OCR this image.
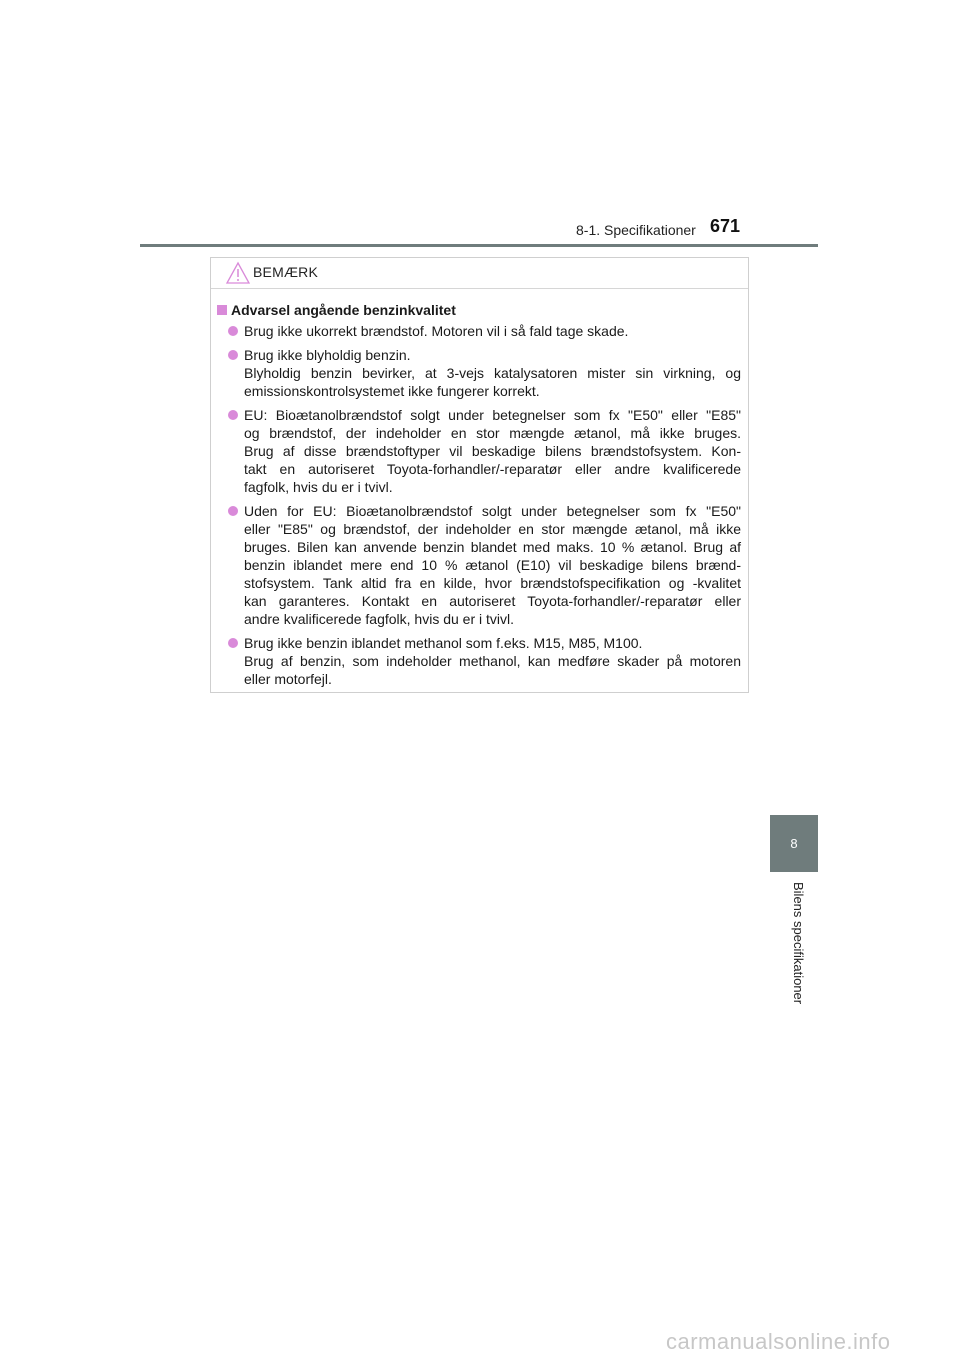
8-1. Specifikationer 671
BEMÆRK
Advarsel angående benzinkvalitet
Brug ikke ukorrekt brændstof. Motoren vil i så fald tage skade.
Brug ikke blyholdig benzin.
Blyholdig benzin bevirker, at 3-vejs katalysatoren mister sin virkning, og
emissionskontrolsystemet ikke fungerer korrekt.
EU: Bioætanolbrændstof solgt under betegnelser som fx "E50" eller "E85"
og brændstof, der indeholder en stor mængde ætanol, må ikke bruges.
Brug af disse brændstoftyper vil beskadige bilens brændstofsystem. Kon-
takt en autoriseret Toyota-forhandler/-reparatør eller andre kvalificerede
fagfolk, hvis du er i tvivl.
Uden for EU: Bioætanolbrændstof solgt under betegnelser som fx "E50"
eller "E85" og brændstof, der indeholder en stor mængde ætanol, må ikke
bruges. Bilen kan anvende benzin blandet med maks. 10 % ætanol. Brug af
benzin iblandet mere end 10 % ætanol (E10) vil beskadige bilens brænd-
stofsystem. Tank altid fra en kilde, hvor brændstofspecifikation og -kvalitet
kan garanteres. Kontakt en autoriseret Toyota-forhandler/-reparatør eller
andre kvalificerede fagfolk, hvis du er i tvivl.
Brug ikke benzin iblandet methanol som f.eks. M15, M85, M100.
Brug af benzin, som indeholder methanol, kan medføre skader på motoren
eller motorfejl.
8
Bilens specifikationer
carmanualsonline.info
